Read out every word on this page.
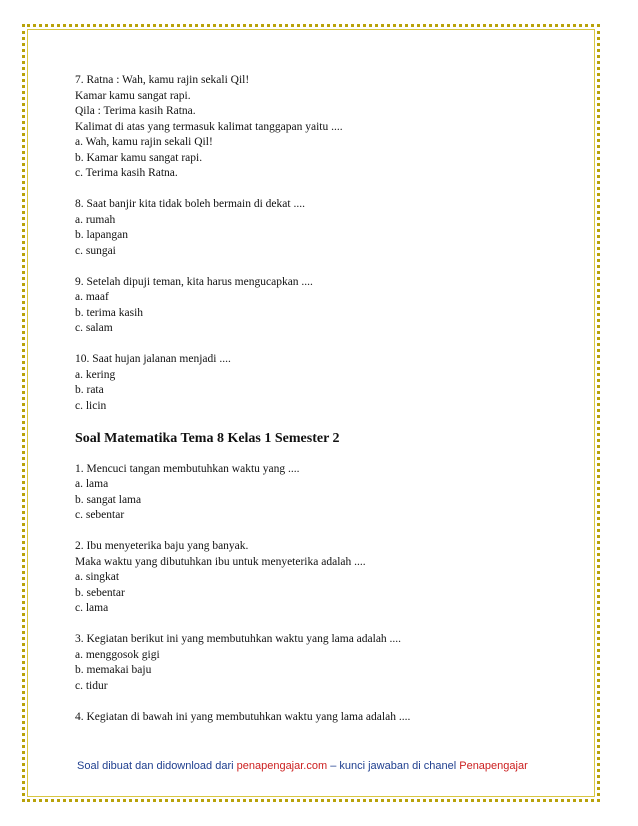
7. Ratna : Wah, kamu rajin sekali Qil!
Kamar kamu sangat rapi.
Qila : Terima kasih Ratna.
Kalimat di atas yang termasuk kalimat tanggapan yaitu ....
a. Wah, kamu rajin sekali Qil!
b. Kamar kamu sangat rapi.
c. Terima kasih Ratna.
8. Saat banjir kita tidak boleh bermain di dekat ....
a. rumah
b. lapangan
c. sungai
9. Setelah dipuji teman, kita harus mengucapkan ....
a. maaf
b. terima kasih
c. salam
10. Saat hujan jalanan menjadi ....
a. kering
b. rata
c. licin
Soal Matematika Tema 8 Kelas 1 Semester 2
1. Mencuci tangan membutuhkan waktu yang ....
a. lama
b. sangat lama
c. sebentar
2. Ibu menyeterika baju yang banyak.
Maka waktu yang dibutuhkan ibu untuk menyeterika adalah ....
a. singkat
b. sebentar
c. lama
3. Kegiatan berikut ini yang membutuhkan waktu yang lama adalah ....
a. menggosok gigi
b. memakai baju
c. tidur
4. Kegiatan di bawah ini yang membutuhkan waktu yang lama adalah ....
Soal dibuat dan didownload dari penapengajar.com – kunci jawaban di chanel Penapengajar
